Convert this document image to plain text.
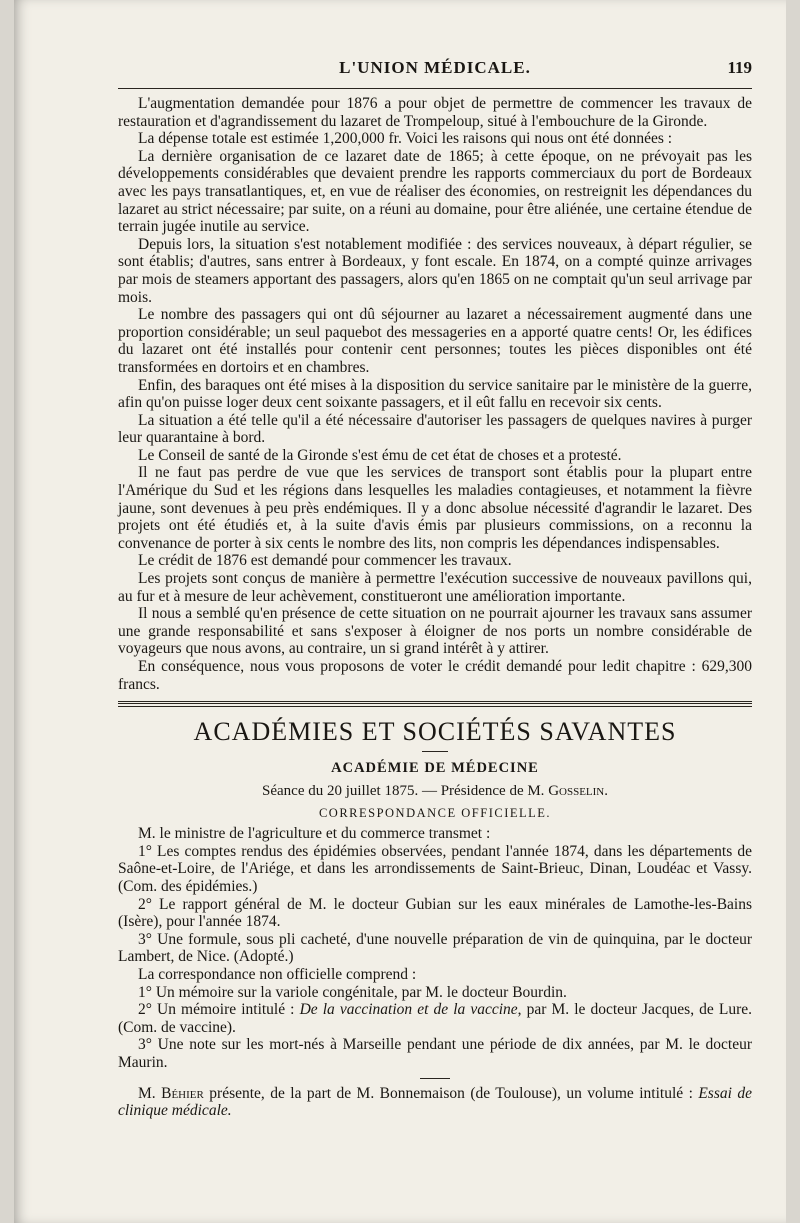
L'UNION MÉDICALE.	119

L'augmentation demandée pour 1876 a pour objet de permettre de commencer les travaux de restauration et d'agrandissement du lazaret de Trompeloup, situé à l'embouchure de la Gironde.

La dépense totale est estimée 1,200,000 fr. Voici les raisons qui nous ont été données :

La dernière organisation de ce lazaret date de 1865; à cette époque, on ne prévoyait pas les développements considérables que devaient prendre les rapports commerciaux du port de Bordeaux avec les pays transatlantiques, et, en vue de réaliser des économies, on restreignit les dépendances du lazaret au strict nécessaire; par suite, on a réuni au domaine, pour être aliénée, une certaine étendue de terrain jugée inutile au service.

Depuis lors, la situation s'est notablement modifiée : des services nouveaux, à départ régulier, se sont établis; d'autres, sans entrer à Bordeaux, y font escale. En 1874, on a compté quinze arrivages par mois de steamers apportant des passagers, alors qu'en 1865 on ne comptait qu'un seul arrivage par mois.

Le nombre des passagers qui ont dû séjourner au lazaret a nécessairement augmenté dans une proportion considérable; un seul paquebot des messageries en a apporté quatre cents! Or, les édifices du lazaret ont été installés pour contenir cent personnes; toutes les pièces disponibles ont été transformées en dortoirs et en chambres.

Enfin, des baraques ont été mises à la disposition du service sanitaire par le ministère de la guerre, afin qu'on puisse loger deux cent soixante passagers, et il eût fallu en recevoir six cents.

La situation a été telle qu'il a été nécessaire d'autoriser les passagers de quelques navires à purger leur quarantaine à bord.

Le Conseil de santé de la Gironde s'est ému de cet état de choses et a protesté.

Il ne faut pas perdre de vue que les services de transport sont établis pour la plupart entre l'Amérique du Sud et les régions dans lesquelles les maladies contagieuses, et notamment la fièvre jaune, sont devenues à peu près endémiques. Il y a donc absolue nécessité d'agrandir le lazaret. Des projets ont été étudiés et, à la suite d'avis émis par plusieurs commissions, on a reconnu la convenance de porter à six cents le nombre des lits, non compris les dépendances indispensables.

Le crédit de 1876 est demandé pour commencer les travaux.

Les projets sont conçus de manière à permettre l'exécution successive de nouveaux pavillons qui, au fur et à mesure de leur achèvement, constitueront une amélioration importante.

Il nous a semblé qu'en présence de cette situation on ne pourrait ajourner les travaux sans assumer une grande responsabilité et sans s'exposer à éloigner de nos ports un nombre considérable de voyageurs que nous avons, au contraire, un si grand intérêt à y attirer.

En conséquence, nous vous proposons de voter le crédit demandé pour ledit chapitre : 629,300 francs.

ACADÉMIES ET SOCIÉTÉS SAVANTES
ACADÉMIE DE MÉDECINE
Séance du 20 juillet 1875. — Présidence de M. Gosselin.
CORRESPONDANCE OFFICIELLE.

M. le ministre de l'agriculture et du commerce transmet :

1° Les comptes rendus des épidémies observées, pendant l'année 1874, dans les départements de Saône-et-Loire, de l'Ariége, et dans les arrondissements de Saint-Brieuc, Dinan, Loudéac et Vassy. (Com. des épidémies.)

2° Le rapport général de M. le docteur Gubian sur les eaux minérales de Lamothe-les-Bains (Isère), pour l'année 1874.

3° Une formule, sous pli cacheté, d'une nouvelle préparation de vin de quinquina, par le docteur Lambert, de Nice. (Adopté.)

La correspondance non officielle comprend :

1° Un mémoire sur la variole congénitale, par M. le docteur Bourdin.

2° Un mémoire intitulé : De la vaccination et de la vaccine, par M. le docteur Jacques, de Lure. (Com. de vaccine).

3° Une note sur les mort-nés à Marseille pendant une période de dix années, par M. le docteur Maurin.

M. Béhier présente, de la part de M. Bonnemaison (de Toulouse), un volume intitulé : Essai de clinique médicale.
